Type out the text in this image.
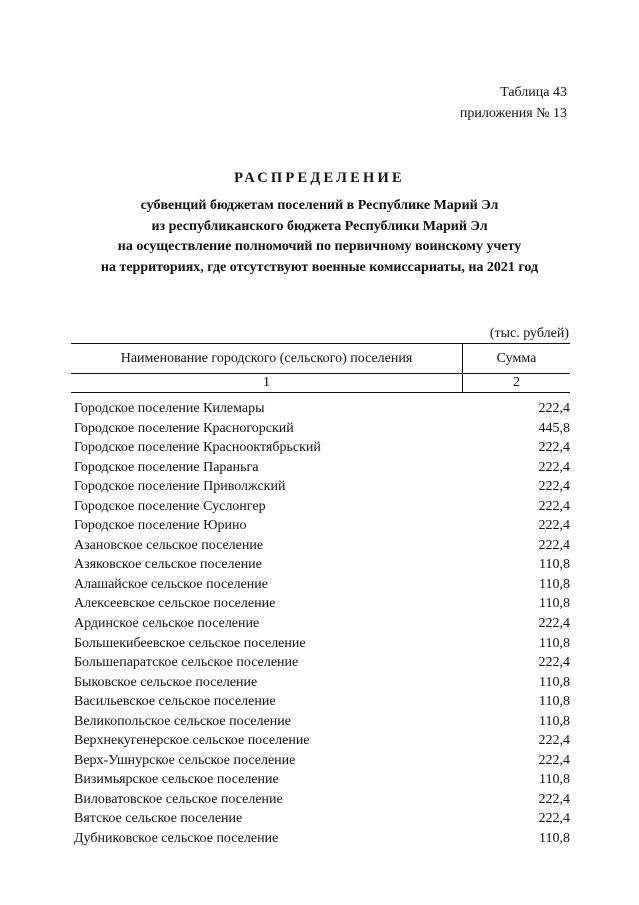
Таблица 43
приложения № 13
РАСПРЕДЕЛЕНИЕ
субвенций бюджетам поселений в Республике Марий Эл
из республиканского бюджета Республики Марий Эл
на осуществление полномочий по первичному воинскому учету
на территориях, где отсутствуют военные комиссариаты, на 2021 год
(тыс. рублей)
Наименование городского (сельского) поселения	Сумма
1	2
Городское поселение Килемары	222,4
Городское поселение Красногорский	445,8
Городское поселение Краснооктябрьский	222,4
Городское поселение Параньга	222,4
Городское поселение Приволжский	222,4
Городское поселение Суслонгер	222,4
Городское поселение Юрино	222,4
Азановское сельское поселение	222,4
Азяковское сельское поселение	110,8
Алашайское сельское поселение	110,8
Алексеевское сельское поселение	110,8
Ардинское сельское поселение	222,4
Большекибеевское сельское поселение	110,8
Большепаратское сельское поселение	222,4
Быковское сельское поселение	110,8
Васильевское сельское поселение	110,8
Великопольское сельское поселение	110,8
Верхнекугенерское сельское поселение	222,4
Верх-Ушнурское сельское поселение	222,4
Визимьярское сельское поселение	110,8
Виловатовское сельское поселение	222,4
Вятское сельское поселение	222,4
Дубниковское сельское поселение	110,8
